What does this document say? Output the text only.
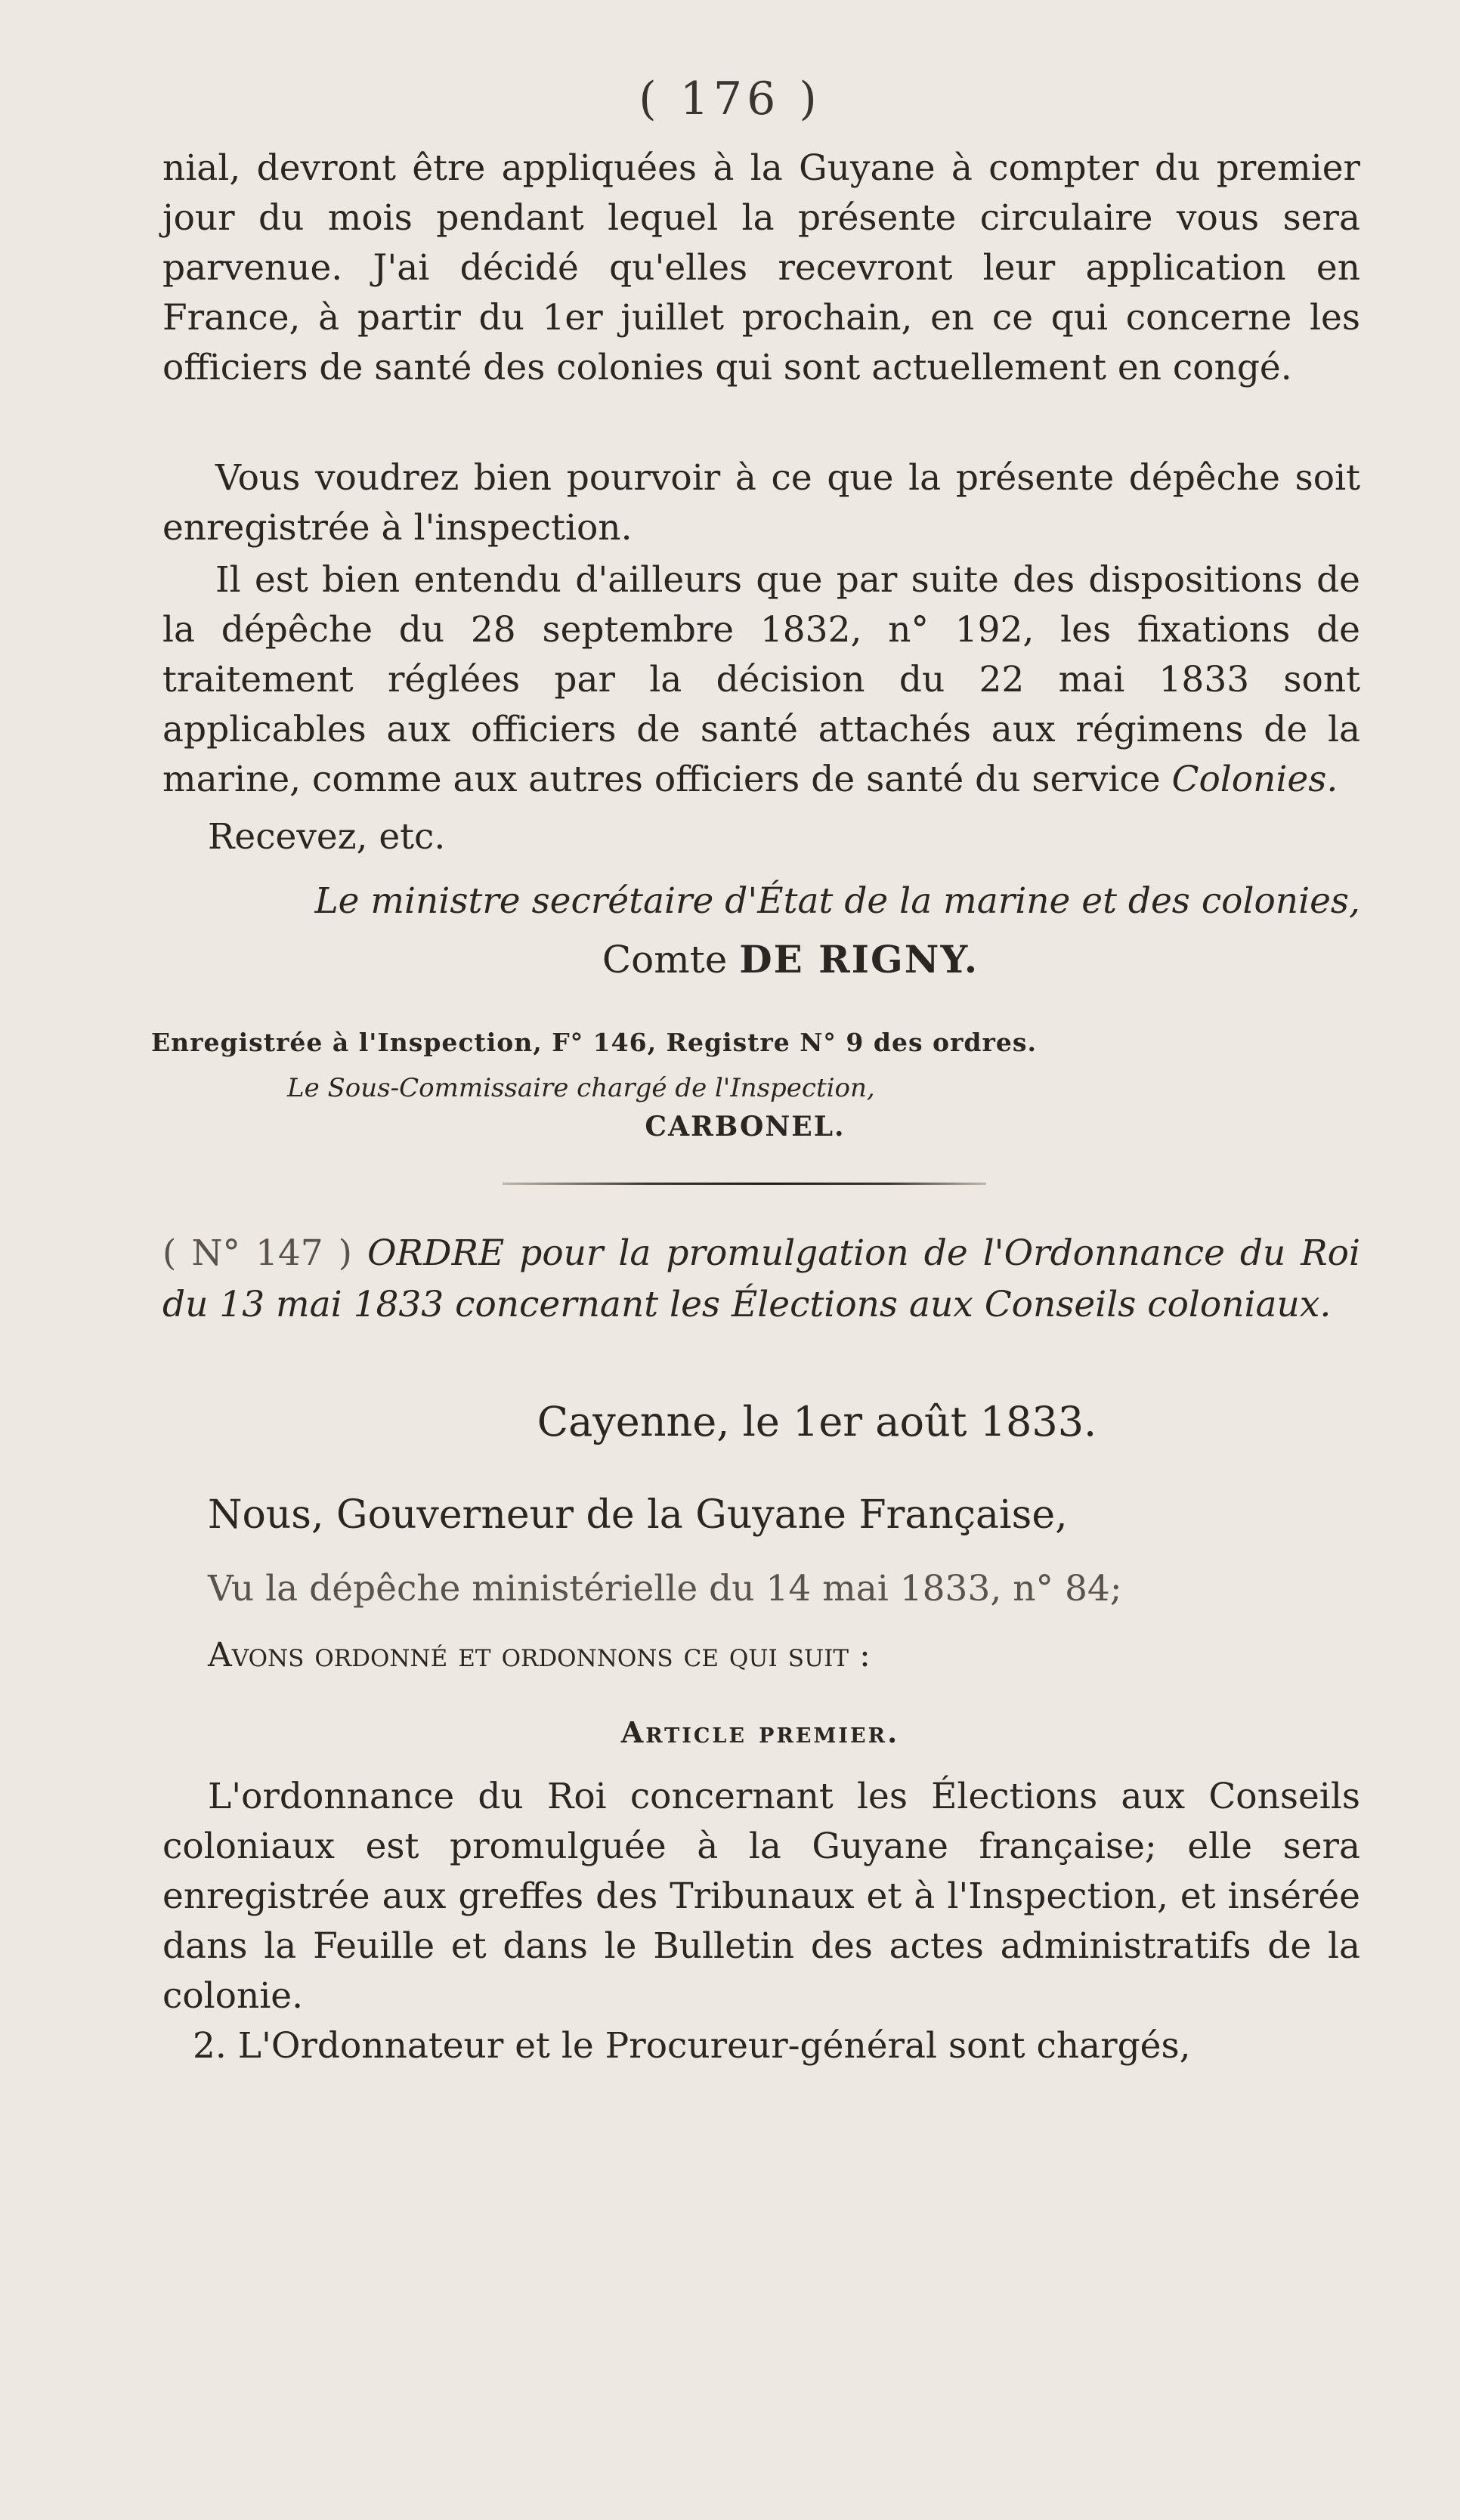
( 176 )

nial, devront être appliquées à la Guyane à compter du premier jour du mois pendant lequel la présente circulaire vous sera parvenue. J'ai décidé qu'elles recevront leur application en France, à partir du 1er juillet prochain, en ce qui concerne les officiers de santé des colonies qui sont actuellement en congé.

Vous voudrez bien pourvoir à ce que la présente dépêche soit enregistrée à l'inspection.

Il est bien entendu d'ailleurs que par suite des dispositions de la dépêche du 28 septembre 1832, n° 192, les fixations de traitement réglées par la décision du 22 mai 1833 sont applicables aux officiers de santé attachés aux régimens de la marine, comme aux autres officiers de santé du service Colonies.

Recevez, etc.

Le ministre secrétaire d'État de la marine et des colonies,
Comte DE RIGNY.
Enregistrée à l'Inspection, F° 146, Registre N° 9 des ordres.
Le Sous-Commissaire chargé de l'Inspection,
CARBONEL.
( N° 147 ) ORDRE pour la promulgation de l'Ordonnance du Roi du 13 mai 1833 concernant les Élections aux Conseils coloniaux.
Cayenne, le 1er août 1833.
Nous, Gouverneur de la Guyane Française,
Vu la dépêche ministérielle du 14 mai 1833, n° 84;
Avons ordonné et ordonnons ce qui suit :
Article premier.

L'ordonnance du Roi concernant les Élections aux Conseils coloniaux est promulguée à la Guyane française; elle sera enregistrée aux greffes des Tribunaux et à l'Inspection, et insérée dans la Feuille et dans le Bulletin des actes administratifs de la colonie.

2. L'Ordonnateur et le Procureur-général sont chargés,
